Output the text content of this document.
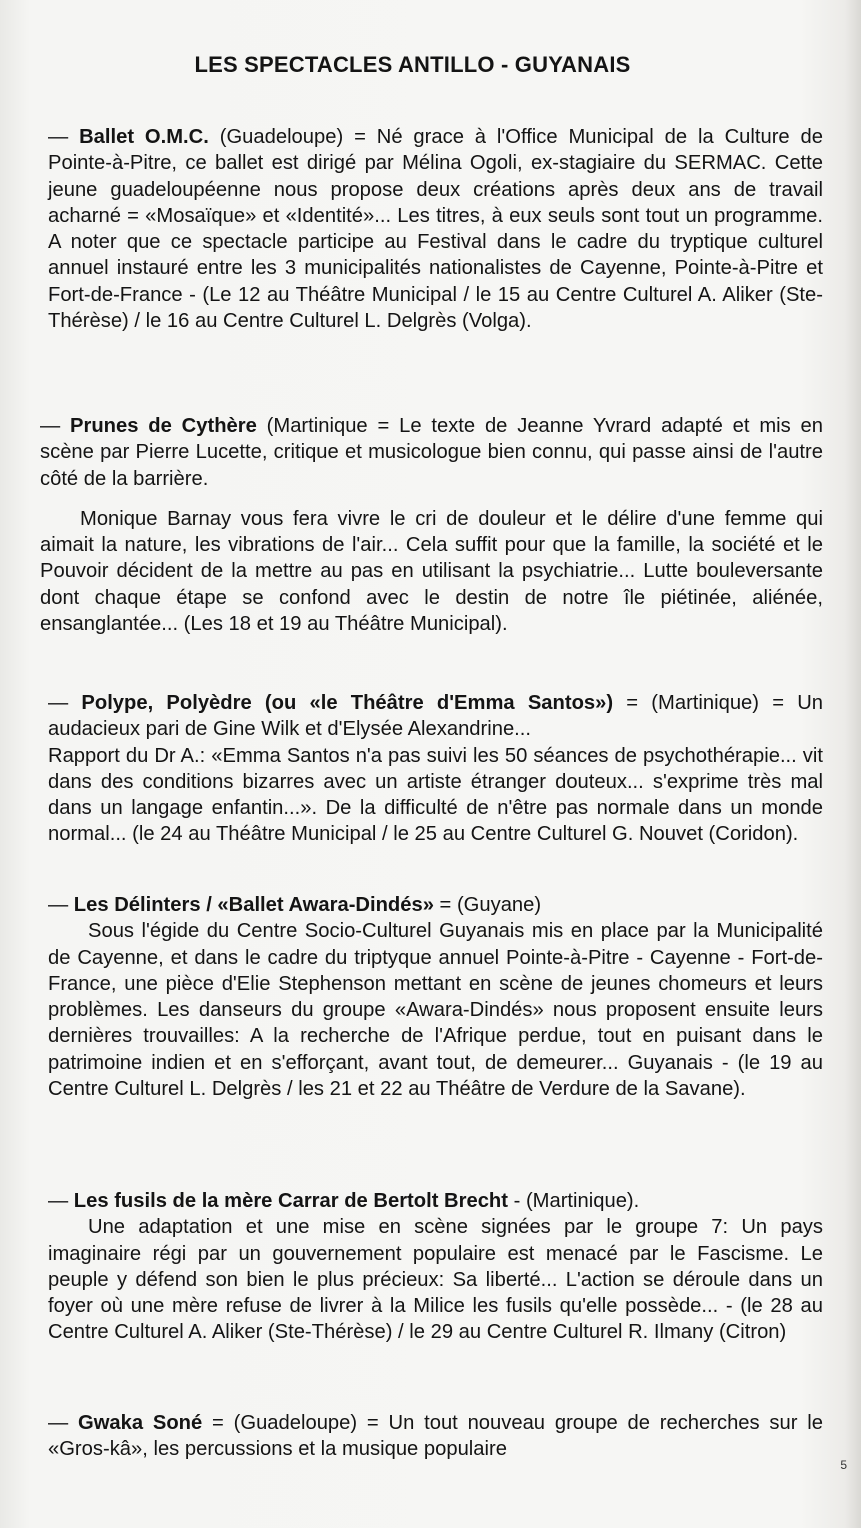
LES SPECTACLES ANTILLO - GUYANAIS

— Ballet O.M.C. (Guadeloupe) = Né grace à l'Office Municipal de la Culture de Pointe-à-Pitre, ce ballet est dirigé par Mélina Ogoli, ex-stagiaire du SERMAC. Cette jeune guadeloupéenne nous propose deux créations après deux ans de travail acharné = «Mosaïque» et «Identité»... Les titres, à eux seuls sont tout un programme. A noter que ce spectacle participe au Festival dans le cadre du tryptique culturel annuel instauré entre les 3 municipalités nationalistes de Cayenne, Pointe-à-Pitre et Fort-de-France - (Le 12 au Théâtre Municipal / le 15 au Centre Culturel A. Aliker (Ste-Thérèse) / le 16 au Centre Culturel L. Delgrès (Volga).

— Prunes de Cythère (Martinique = Le texte de Jeanne Yvrard adapté et mis en scène par Pierre Lucette, critique et musicologue bien connu, qui passe ainsi de l'autre côté de la barrière.

Monique Barnay vous fera vivre le cri de douleur et le délire d'une femme qui aimait la nature, les vibrations de l'air... Cela suffit pour que la famille, la société et le Pouvoir décident de la mettre au pas en utilisant la psychiatrie... Lutte bouleversante dont chaque étape se confond avec le destin de notre île piétinée, aliénée, ensanglantée... (Les 18 et 19 au Théâtre Municipal).

— Polype, Polyèdre (ou «le Théâtre d'Emma Santos») = (Martinique) = Un audacieux pari de Gine Wilk et d'Elysée Alexandrine...

Rapport du Dr A.: «Emma Santos n'a pas suivi les 50 séances de psychothérapie... vit dans des conditions bizarres avec un artiste étranger douteux... s'exprime très mal dans un langage enfantin...». De la difficulté de n'être pas normale dans un monde normal... (le 24 au Théâtre Municipal / le 25 au Centre Culturel G. Nouvet (Coridon).

— Les Délinters / «Ballet Awara-Dindés» = (Guyane)

Sous l'égide du Centre Socio-Culturel Guyanais mis en place par la Municipalité de Cayenne, et dans le cadre du triptyque annuel Pointe-à-Pitre - Cayenne - Fort-de-France, une pièce d'Elie Stephenson mettant en scène de jeunes chomeurs et leurs problèmes. Les danseurs du groupe «Awara-Dindés» nous proposent ensuite leurs dernières trouvailles: A la recherche de l'Afrique perdue, tout en puisant dans le patrimoine indien et en s'efforçant, avant tout, de demeurer... Guyanais - (le 19 au Centre Culturel L. Delgrès / les 21 et 22 au Théâtre de Verdure de la Savane).

— Les fusils de la mère Carrar de Bertolt Brecht - (Martinique).

Une adaptation et une mise en scène signées par le groupe 7: Un pays imaginaire régi par un gouvernement populaire est menacé par le Fascisme. Le peuple y défend son bien le plus précieux: Sa liberté... L'action se déroule dans un foyer où une mère refuse de livrer à la Milice les fusils qu'elle possède... - (le 28 au Centre Culturel A. Aliker (Ste-Thérèse) / le 29 au Centre Culturel R. Ilmany (Citron)

— Gwaka Soné = (Guadeloupe) = Un tout nouveau groupe de recherches sur le «Gros-kâ», les percussions et la musique populaire

5
